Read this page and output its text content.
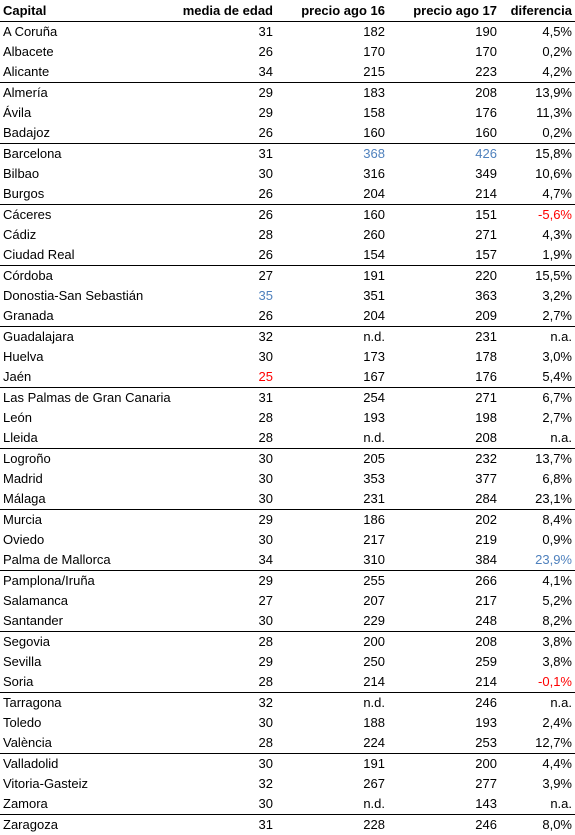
Capital	media de edad	precio ago 16	precio ago 17	diferencia
A Coruña	31	182	190	4,5%
Albacete	26	170	170	0,2%
Alicante	34	215	223	4,2%
Almería	29	183	208	13,9%
Ávila	29	158	176	11,3%
Badajoz	26	160	160	0,2%
Barcelona	31	368	426	15,8%
Bilbao	30	316	349	10,6%
Burgos	26	204	214	4,7%
Cáceres	26	160	151	-5,6%
Cádiz	28	260	271	4,3%
Ciudad Real	26	154	157	1,9%
Córdoba	27	191	220	15,5%
Donostia-San Sebastián	35	351	363	3,2%
Granada	26	204	209	2,7%
Guadalajara	32	n.d.	231	n.a.
Huelva	30	173	178	3,0%
Jaén	25	167	176	5,4%
Las Palmas de Gran Canaria	31	254	271	6,7%
León	28	193	198	2,7%
Lleida	28	n.d.	208	n.a.
Logroño	30	205	232	13,7%
Madrid	30	353	377	6,8%
Málaga	30	231	284	23,1%
Murcia	29	186	202	8,4%
Oviedo	30	217	219	0,9%
Palma de Mallorca	34	310	384	23,9%
Pamplona/Iruña	29	255	266	4,1%
Salamanca	27	207	217	5,2%
Santander	30	229	248	8,2%
Segovia	28	200	208	3,8%
Sevilla	29	250	259	3,8%
Soria	28	214	214	-0,1%
Tarragona	32	n.d.	246	n.a.
Toledo	30	188	193	2,4%
València	28	224	253	12,7%
Valladolid	30	191	200	4,4%
Vitoria-Gasteiz	32	267	277	3,9%
Zamora	30	n.d.	143	n.a.
Zaragoza	31	228	246	8,0%
